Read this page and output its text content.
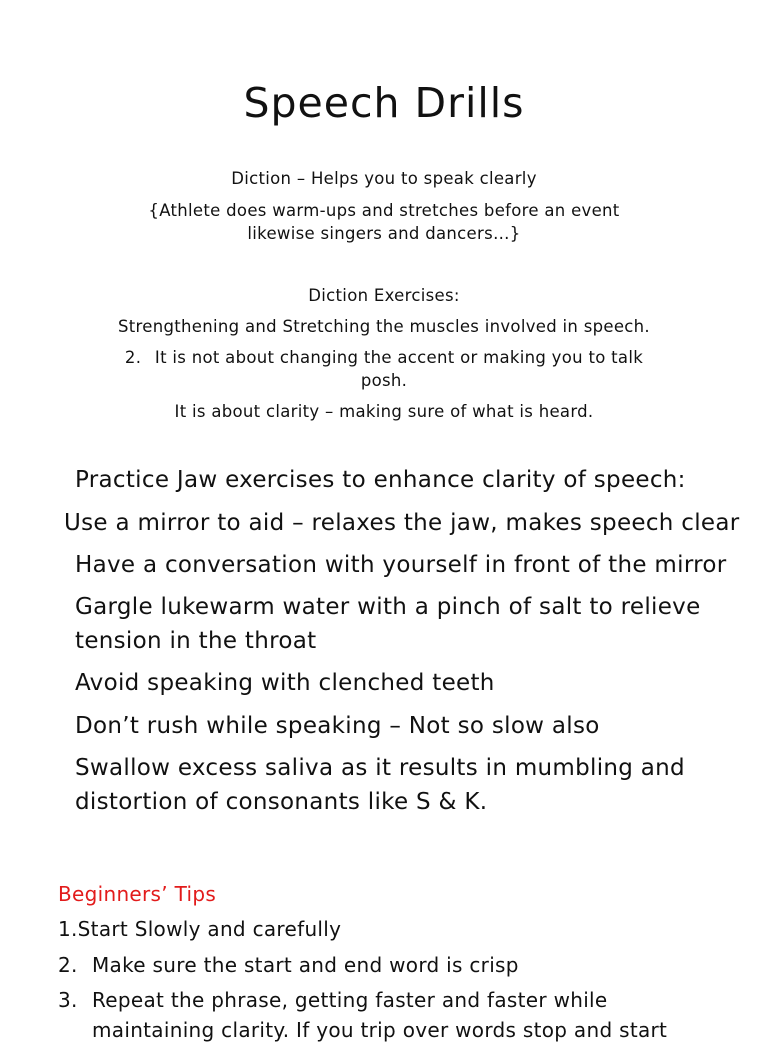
Speech Drills
Diction – Helps you to speak clearly
{Athlete does warm-ups and stretches before an event
likewise singers and dancers…}
Diction Exercises:
Strengthening and Stretching the muscles involved in speech.
2. It is not about changing the accent or making you to talk
posh.
It is about clarity – making sure of what is heard.
Practice Jaw exercises to enhance clarity of speech:
Use a mirror to aid – relaxes the jaw, makes speech clear
Have a conversation with yourself in front of the mirror
Gargle lukewarm water with a pinch of salt to relieve
tension in the throat
Avoid speaking with clenched teeth
Don’t rush while speaking – Not so slow also
Swallow excess saliva as it results in mumbling and
distortion of consonants like S & K.
Beginners’ Tips
1.Start Slowly and carefully
2. Make sure the start and end word is crisp
3. Repeat the phrase, getting faster and faster while
maintaining clarity. If you trip over words stop and start
